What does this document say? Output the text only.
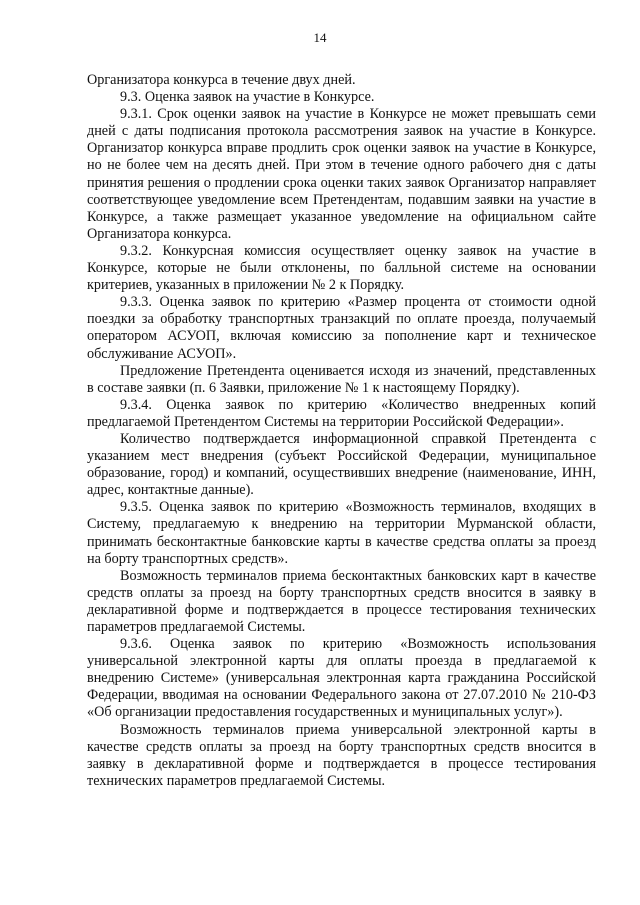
14

Организатора конкурса в течение двух дней.

9.3. Оценка заявок на участие в Конкурсе.

9.3.1. Срок оценки заявок на участие в Конкурсе не может превышать семи дней с даты подписания протокола рассмотрения заявок на участие в Конкурсе. Организатор конкурса вправе продлить срок оценки заявок на участие в Конкурсе, но не более чем на десять дней. При этом в течение одного рабочего дня с даты принятия решения о продлении срока оценки таких заявок Организатор направляет соответствующее уведомление всем Претендентам, подавшим заявки на участие в Конкурсе, а также размещает указанное уведомление на официальном сайте Организатора конкурса.

9.3.2. Конкурсная комиссия осуществляет оценку заявок на участие в Конкурсе, которые не были отклонены, по балльной системе на основании критериев, указанных в приложении № 2 к Порядку.

9.3.3. Оценка заявок по критерию «Размер процента от стоимости одной поездки за обработку транспортных транзакций по оплате проезда, получаемый оператором АСУОП, включая комиссию за пополнение карт и техническое обслуживание АСУОП».

Предложение Претендента оценивается исходя из значений, представленных в составе заявки (п. 6 Заявки, приложение № 1 к настоящему Порядку).

9.3.4. Оценка заявок по критерию «Количество внедренных копий предлагаемой Претендентом Системы на территории Российской Федерации».

Количество подтверждается информационной справкой Претендента с указанием мест внедрения (субъект Российской Федерации, муниципальное образование, город) и компаний, осуществивших внедрение (наименование, ИНН, адрес, контактные данные).

9.3.5. Оценка заявок по критерию «Возможность терминалов, входящих в Систему, предлагаемую к внедрению на территории Мурманской области, принимать бесконтактные банковские карты в качестве средства оплаты за проезд на борту транспортных средств».

Возможность терминалов приема бесконтактных банковских карт в качестве средств оплаты за проезд на борту транспортных средств вносится в заявку в декларативной форме и подтверждается в процессе тестирования технических параметров предлагаемой Системы.

9.3.6. Оценка заявок по критерию «Возможность использования универсальной электронной карты для оплаты проезда в предлагаемой к внедрению Системе» (универсальная электронная карта гражданина Российской Федерации, вводимая на основании Федерального закона от 27.07.2010 № 210-ФЗ «Об организации предоставления государственных и муниципальных услуг»).

Возможность терминалов приема универсальной электронной карты в качестве средств оплаты за проезд на борту транспортных средств вносится в заявку в декларативной форме и подтверждается в процессе тестирования технических параметров предлагаемой Системы.
